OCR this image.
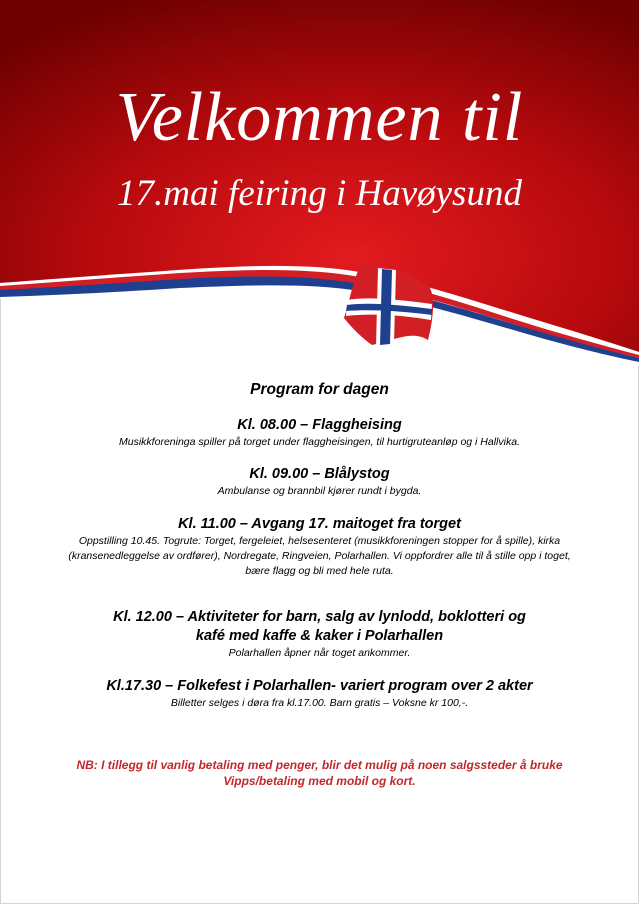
Velkommen til
17.mai feiring i Havøysund
Program for dagen
Kl. 08.00 – Flaggheising
Musikkforeninga spiller på torget under flaggheisingen, til hurtigruteanløp og i Hallvika.
Kl. 09.00 – Blålystog
Ambulanse og brannbil kjører rundt i bygda.
Kl. 11.00 – Avgang 17. maitoget fra torget
Oppstilling 10.45. Togrute: Torget, fergeleiet, helsesenteret (musikkforeningen stopper for å spille), kirka
(kransenedleggelse av ordfører), Nordregate, Ringveien, Polarhallen. Vi oppfordrer alle til å stille opp i toget,
bære flagg og bli med hele ruta.
Kl. 12.00 – Aktiviteter for barn, salg av lynlodd, boklotteri og
kafé med kaffe & kaker i Polarhallen
Polarhallen åpner når toget ankommer.
Kl.17.30 – Folkefest i Polarhallen- variert program over 2 akter
Billetter selges i døra fra kl.17.00. Barn gratis – Voksne kr 100,-.
NB: I tillegg til vanlig betaling med penger, blir det mulig på noen salgssteder å bruke
Vipps/betaling med mobil og kort.
